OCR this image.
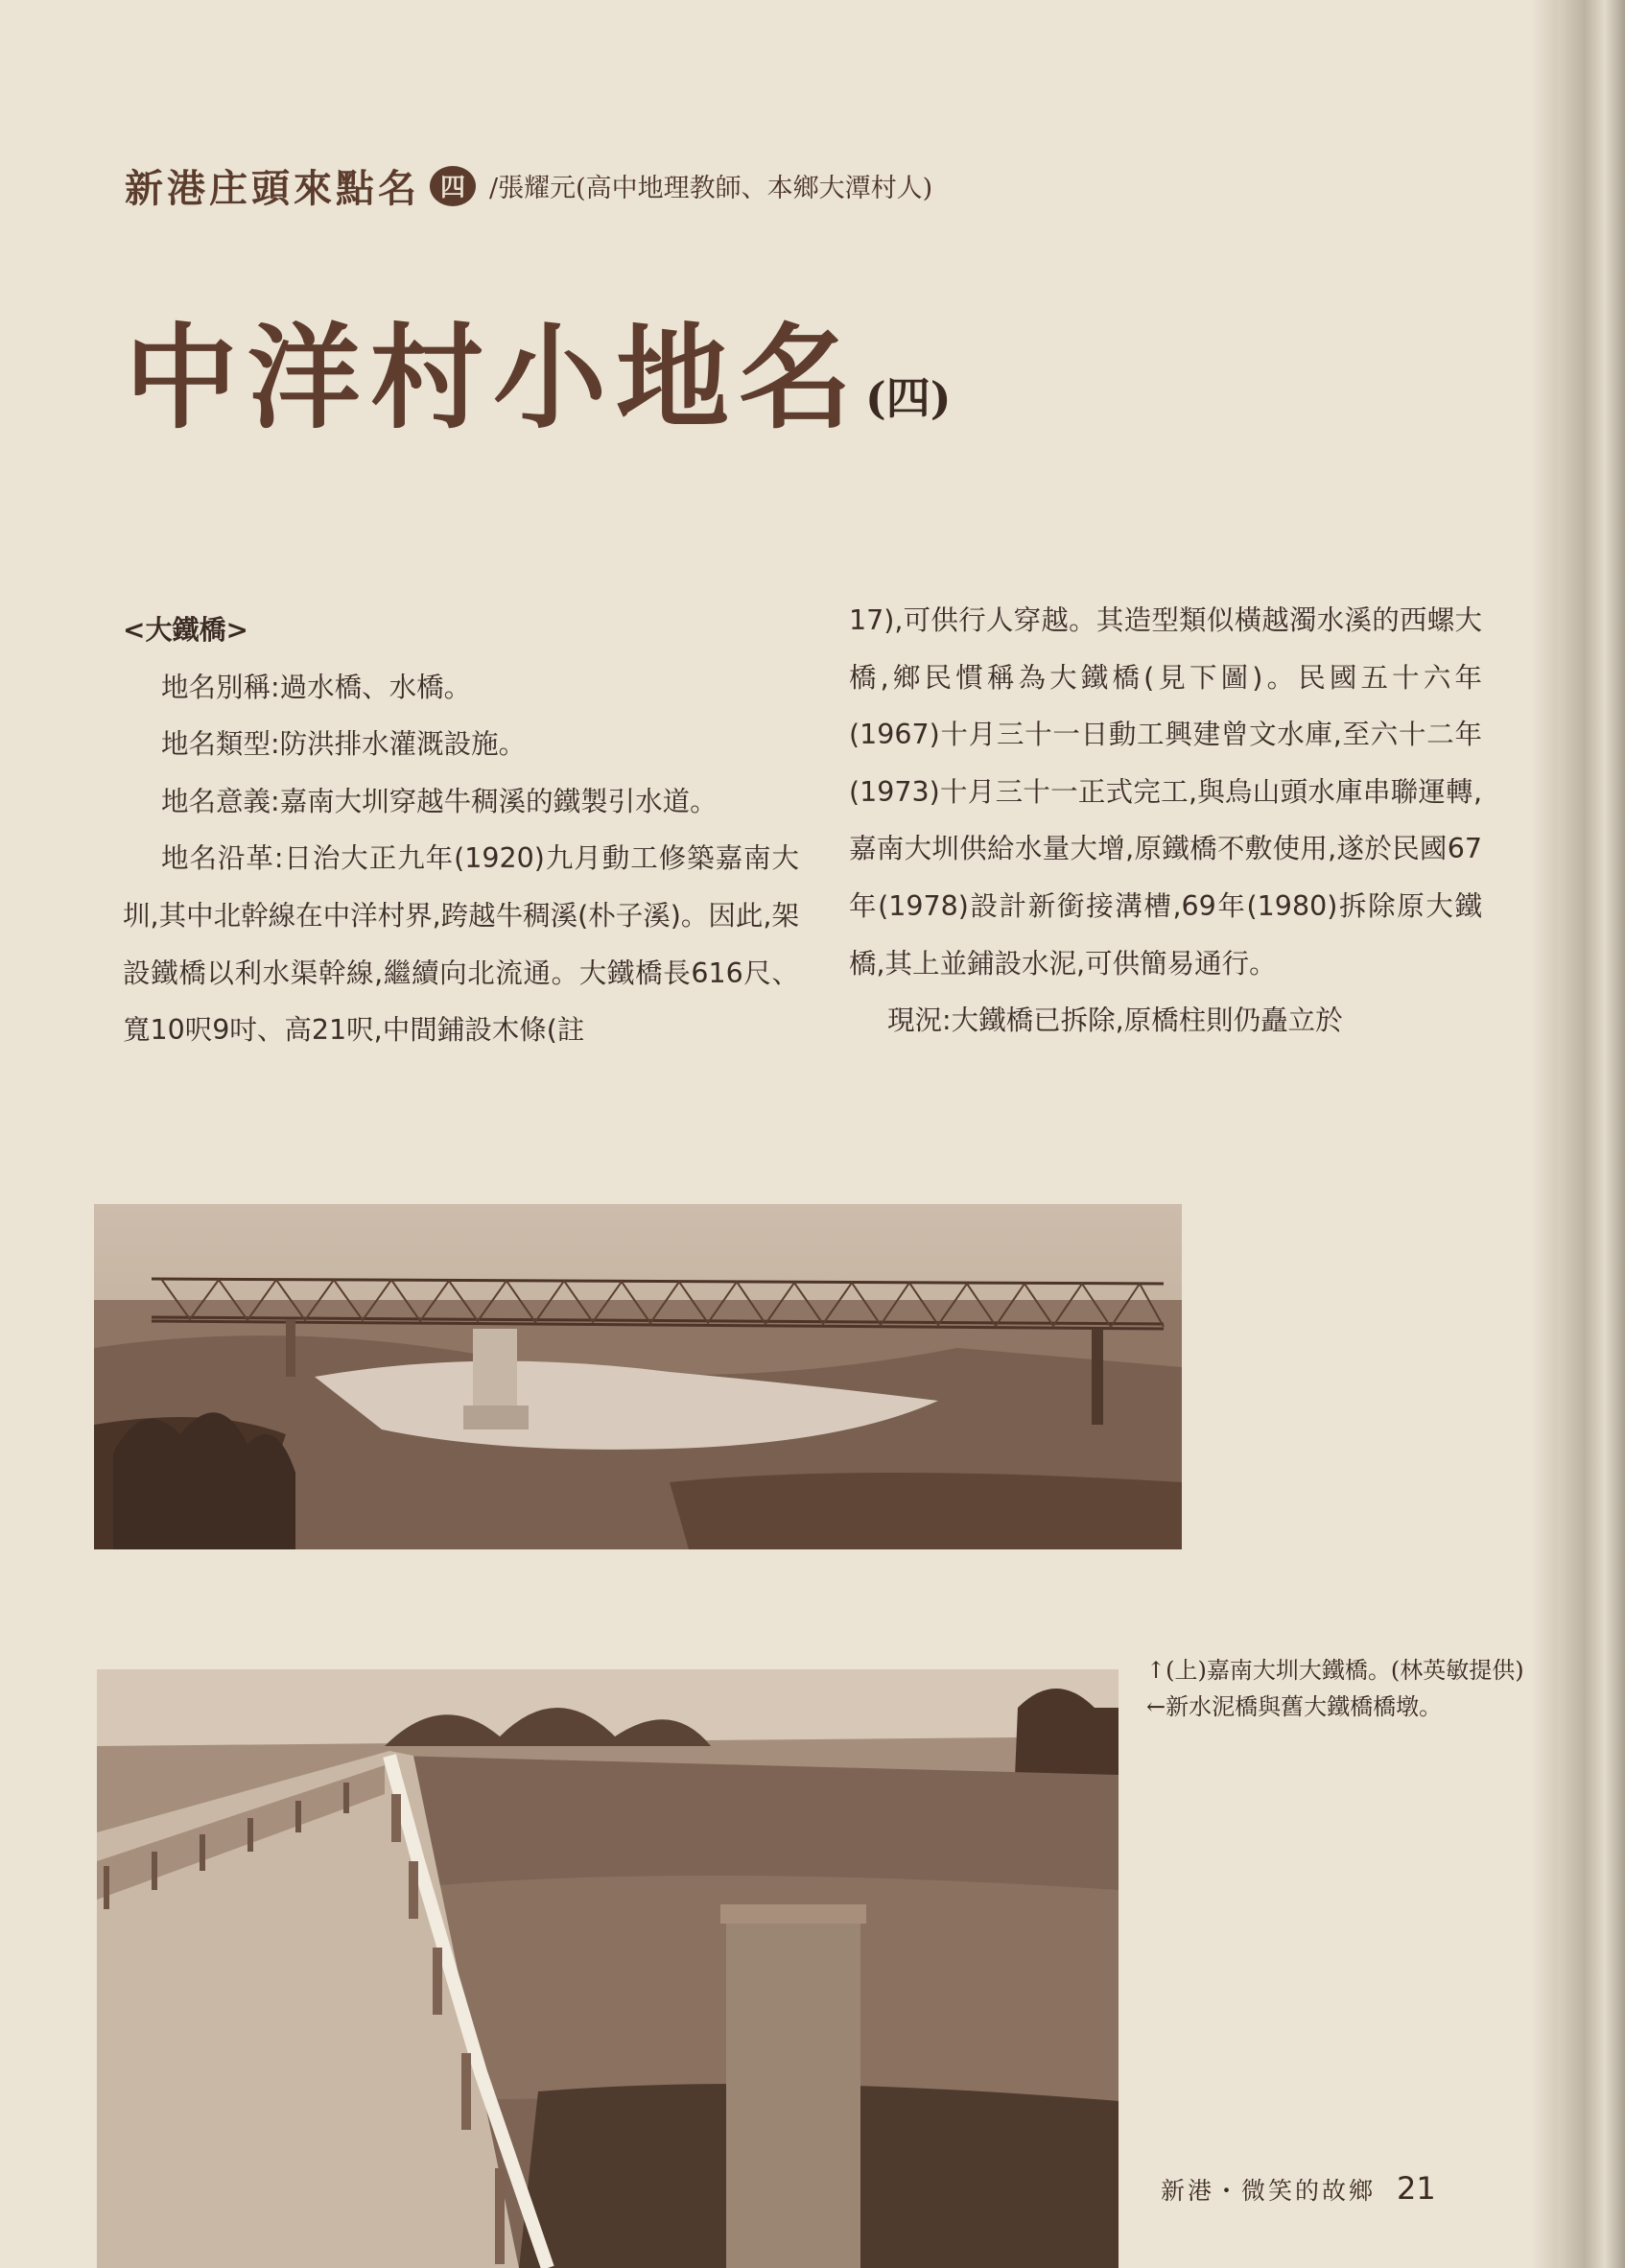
新港庄頭來點名 四 /張耀元(高中地理教師、本鄉大潭村人)
中洋村小地名 (四)

<大鐵橋>

地名別稱:過水橋、水橋。

地名類型:防洪排水灌溉設施。

地名意義:嘉南大圳穿越牛稠溪的鐵製引水道。

地名沿革:日治大正九年(1920)九月動工修築嘉南大圳,其中北幹線在中洋村界,跨越牛稠溪(朴子溪)。因此,架設鐵橋以利水渠幹線,繼續向北流通。大鐵橋長616尺、寬10呎9吋、高21呎,中間鋪設木條(註

17),可供行人穿越。其造型類似橫越濁水溪的西螺大橋,鄉民慣稱為大鐵橋(見下圖)。民國五十六年(1967)十月三十一日動工興建曾文水庫,至六十二年(1973)十月三十一正式完工,與烏山頭水庫串聯運轉,嘉南大圳供給水量大增,原鐵橋不敷使用,遂於民國67年(1978)設計新銜接溝槽,69年(1980)拆除原大鐵橋,其上並鋪設水泥,可供簡易通行。

現況:大鐵橋已拆除,原橋柱則仍矗立於

↑(上)嘉南大圳大鐵橋。(林英敏提供)

←新水泥橋與舊大鐵橋橋墩。

新港・微笑的故鄉 21
